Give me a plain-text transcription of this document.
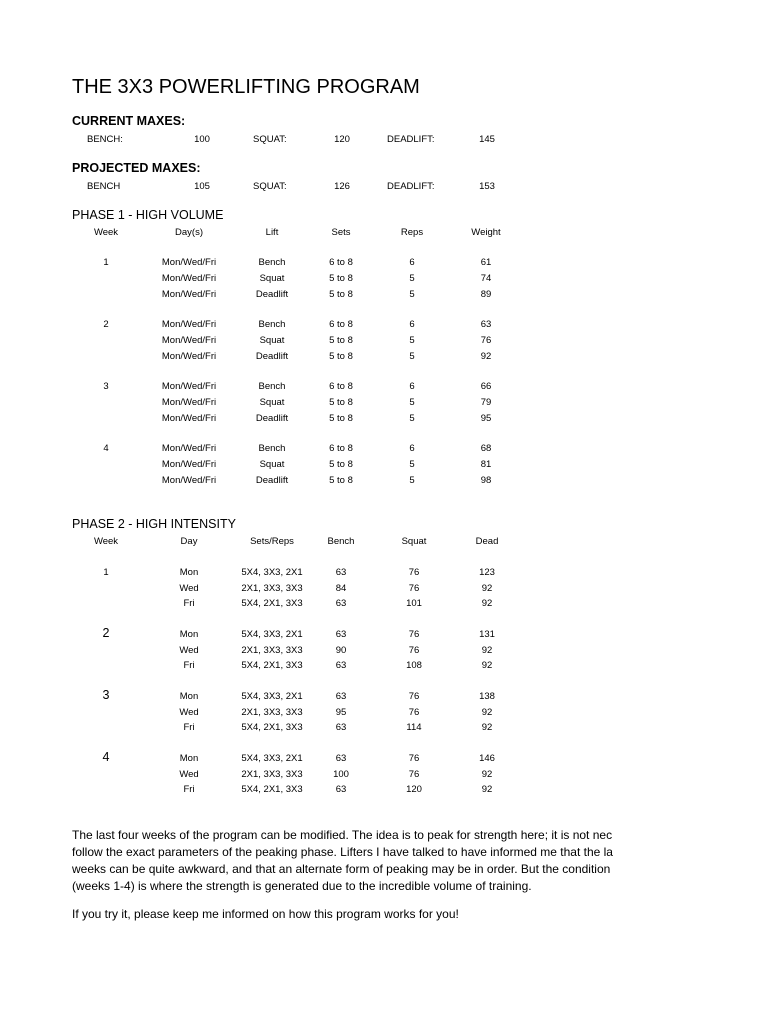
THE 3X3 POWERLIFTING PROGRAM
CURRENT MAXES:
BENCH:	100	SQUAT:	120	DEADLIFT:	145
PROJECTED MAXES:
BENCH	105	SQUAT:	126	DEADLIFT:	153
PHASE 1 - HIGH VOLUME
Week	Day(s)	Lift	Sets	Reps	Weight
1	Mon/Wed/Fri	Bench	6 to 8	6	61
Mon/Wed/Fri	Squat	5 to 8	5	74
Mon/Wed/Fri	Deadlift	5 to 8	5	89
2	Mon/Wed/Fri	Bench	6 to 8	6	63
Mon/Wed/Fri	Squat	5 to 8	5	76
Mon/Wed/Fri	Deadlift	5 to 8	5	92
3	Mon/Wed/Fri	Bench	6 to 8	6	66
Mon/Wed/Fri	Squat	5 to 8	5	79
Mon/Wed/Fri	Deadlift	5 to 8	5	95
4	Mon/Wed/Fri	Bench	6 to 8	6	68
Mon/Wed/Fri	Squat	5 to 8	5	81
Mon/Wed/Fri	Deadlift	5 to 8	5	98
PHASE 2 - HIGH INTENSITY
Week	Day	Sets/Reps	Bench	Squat	Dead
1	Mon	5X4, 3X3, 2X1	63	76	123
Wed	2X1, 3X3, 3X3	84	76	92
Fri	5X4, 2X1, 3X3	63	101	92
2	Mon	5X4, 3X3, 2X1	63	76	131
Wed	2X1, 3X3, 3X3	90	76	92
Fri	5X4, 2X1, 3X3	63	108	92
3	Mon	5X4, 3X3, 2X1	63	76	138
Wed	2X1, 3X3, 3X3	95	76	92
Fri	5X4, 2X1, 3X3	63	114	92
4	Mon	5X4, 3X3, 2X1	63	76	146
Wed	2X1, 3X3, 3X3	100	76	92
Fri	5X4, 2X1, 3X3	63	120	92
The last four weeks of the program can be modified. The idea is to peak for strength here; it is not nec
follow the exact parameters of the peaking phase. Lifters I have talked to have informed me that the la
weeks can be quite awkward, and that an alternate form of peaking may be in order. But the condition
(weeks 1-4) is where the strength is generated due to the incredible volume of training.
If you try it, please keep me informed on how this program works for you!
